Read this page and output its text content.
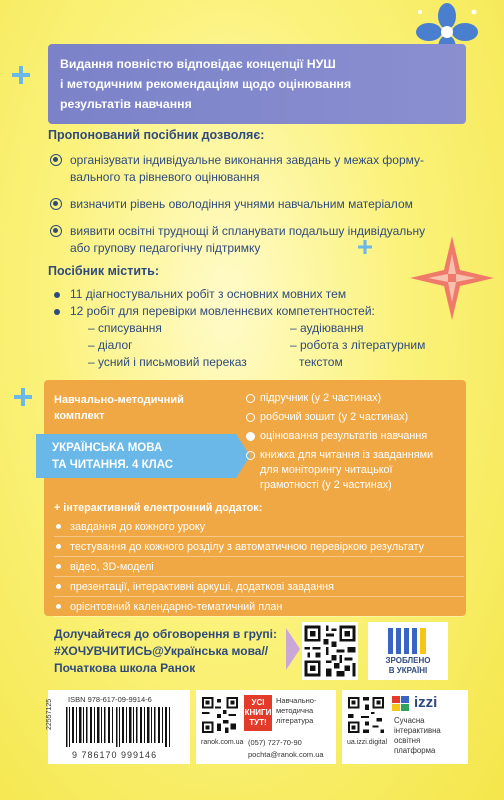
Видання повністю відповідає концепції НУШ
і методичним рекомендаціям щодо оцінювання
результатів навчання
Пропонований посібник дозволяє:
організувати індивідуальне виконання завдань у межах форму-
вального та рівневого оцінювання
визначити рівень оволодіння учнями навчальним матеріалом
виявити освітні труднощі й спланувати подальшу індивідуальну
або групову педагогічну підтримку
Посібник містить:
11 діагностувальних робіт з основних мовних тем
12 робіт для перевірки мовленнєвих компетентностей:
– списування
– діалог
– усний і письмовий переказ
– аудіювання
– робота з літературним
текстом
Навчально-методичний
комплект
УКРАЇНСЬКА МОВА
ТА ЧИТАННЯ. 4 КЛАС
підручник (у 2 частинах)
робочий зошит (у 2 частинах)
оцінювання результатів навчання
книжка для читання із завданнями
для моніторингу читацької
грамотності (у 2 частинах)
+ інтерактивний електронний додаток:
завдання до кожного уроку
тестування до кожного розділу з автоматичною перевіркою результату
відео, 3D-моделі
презентації, інтерактивні аркуші, додаткові завдання
орієнтовний календарно-тематичний план
Долучайтеся до обговорення в групі:
#ХОЧУВЧИТИСЬ@Українська мова//
Початкова школа Ранок
ЗРОБЛЕНО
В УКРАЇНІ
ISBN 978-617-09-9914-6
9 786170 999146
22557125
ranok.com.ua
УСІ
КНИГИ
ТУТ!
Навчально-
методична
література
(057) 727-70-90
pochta@ranok.com.ua
ua.izzi.digital
izzi
Сучасна
інтерактивна
освітня
платформа
